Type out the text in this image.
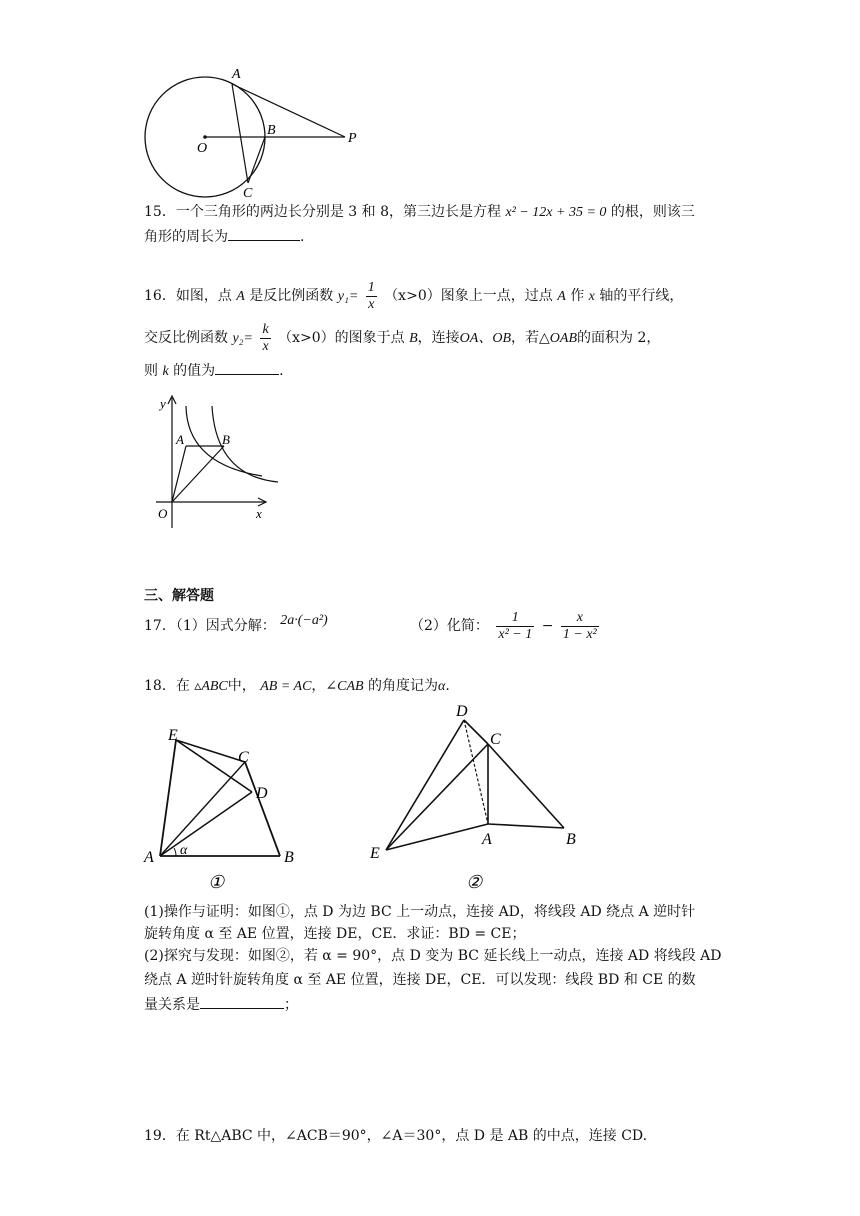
A
B
C
O
P
15．一个三角形的两边长分别是 3 和 8，第三边长是方程 x² − 12x + 35 = 0 的根，则该三
角形的周长为	.
16．如图，点 A 是反比例函数 $y_1= \frac{1}{x} (x>0)$图象上一点，过点 A 作 x 轴的平行线，
交反比例函数 $y_2= \frac{k}{x} (x>0)$的图象于点 B，连接OA、OB，若△OAB的面积为 2，
则 k 的值为	.
y
x
O
A	B
三、解答题
17．（1）因式分解： 2a·(−a²)	（2）化简： $\frac{1}{\text{x² − 1}} - \frac{x}{\text{1 − x²}}$
18．在 ▵ABC中， AB = AC，∠CAB 的角度记为α.
E
C
D
A	B
α
①
D
C
A	B
E
②
(1)操作与证明：如图①，点 D 为边 BC 上一动点，连接 AD，将线段 AD 绕点 A 逆时针
旋转角度 α 至 AE 位置，连接 DE，CE．求证：BD = CE；
(2)探究与发现：如图②，若 α = 90°，点 D 变为 BC 延长线上一动点，连接 AD 将线段 AD
绕点 A 逆时针旋转角度 α 至 AE 位置，连接 DE，CE．可以发现：线段 BD 和 CE 的数
量关系是	；
19．在 Rt△ABC 中，∠ACB＝90°，∠A＝30°，点 D 是 AB 的中点，连接 CD.
